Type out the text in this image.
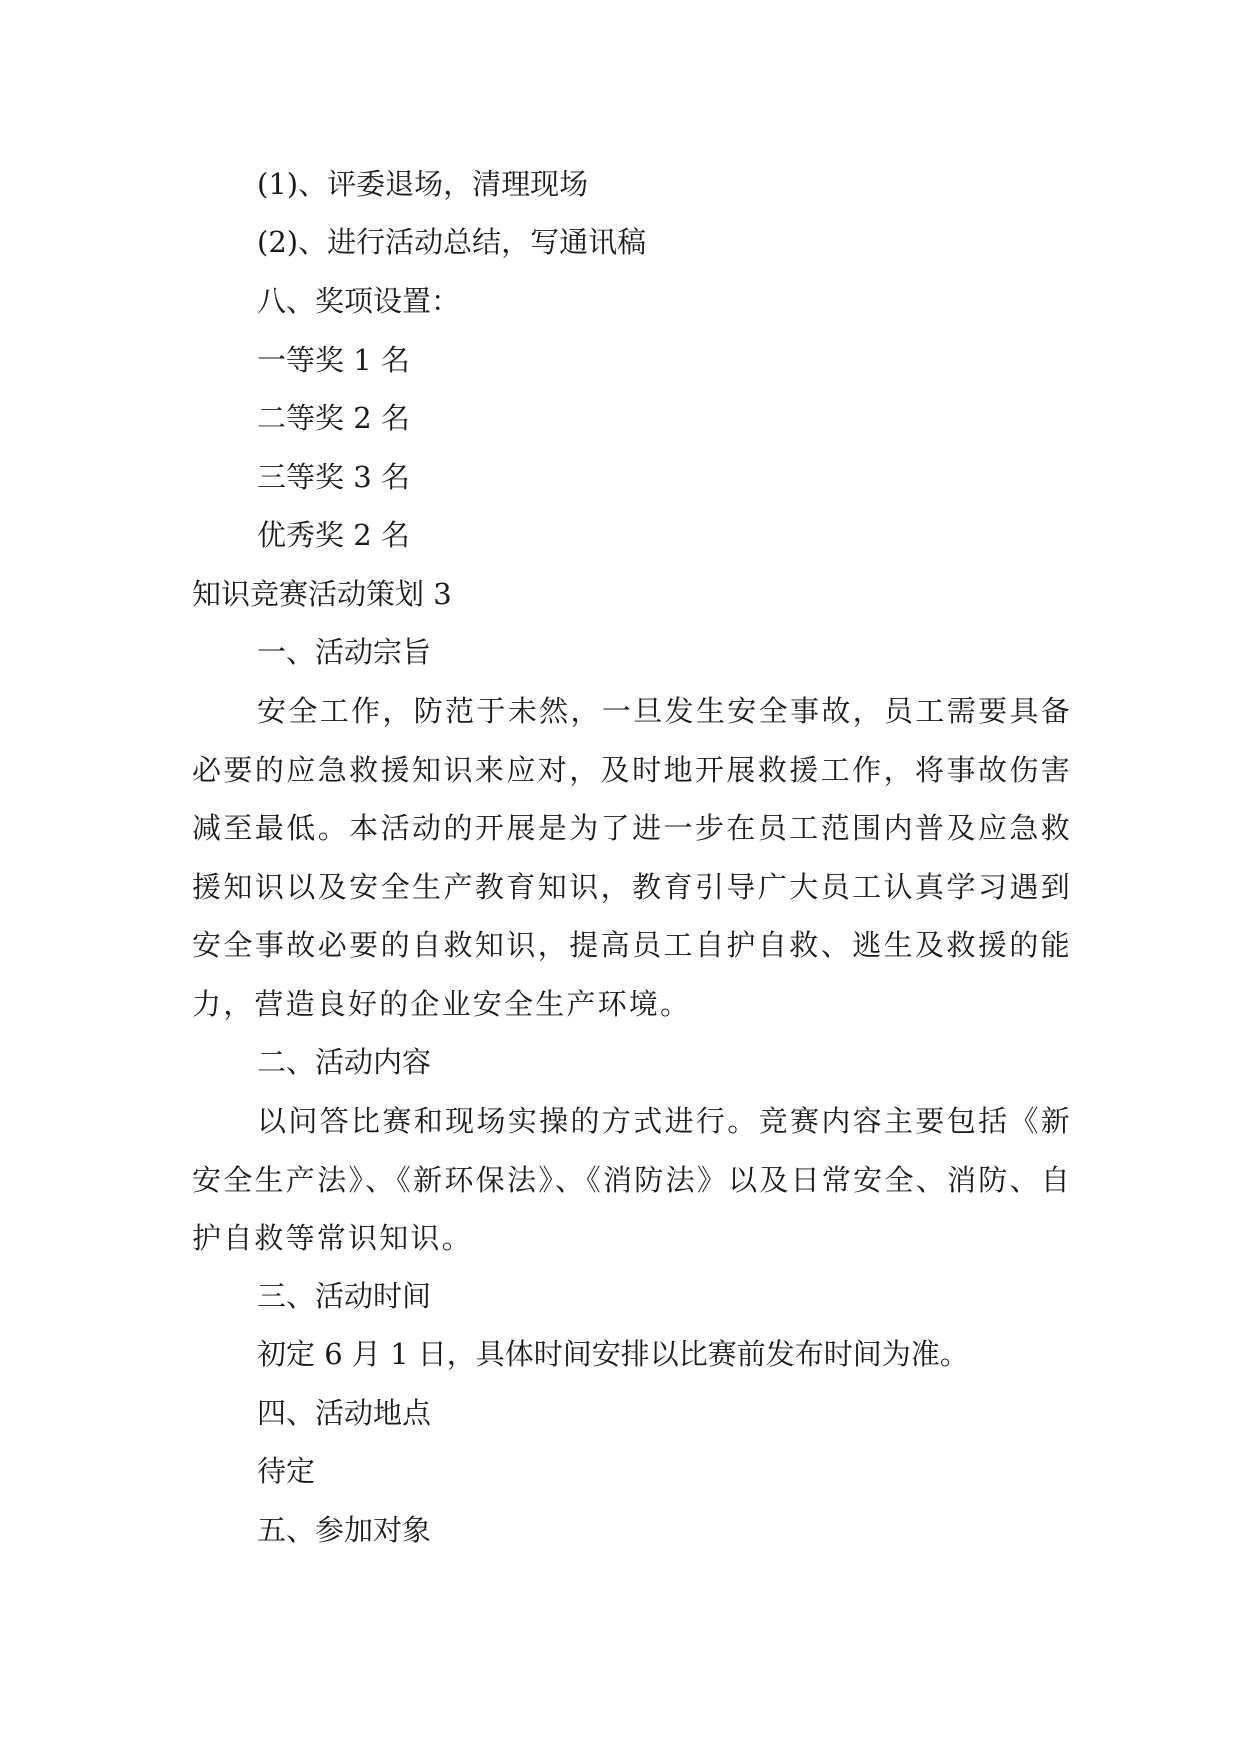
(1)、评委退场，清理现场
(2)、进行活动总结，写通讯稿
八、奖项设置：
一等奖 1 名
二等奖 2 名
三等奖 3 名
优秀奖 2 名
知识竞赛活动策划 3
一、活动宗旨
安全工作，防范于未然，一旦发生安全事故，员工需要具备必要的应急救援知识来应对，及时地开展救援工作，将事故伤害减至最低。本活动的开展是为了进一步在员工范围内普及应急救援知识以及安全生产教育知识，教育引导广大员工认真学习遇到安全事故必要的自救知识，提高员工自护自救、逃生及救援的能力，营造良好的企业安全生产环境。
二、活动内容
以问答比赛和现场实操的方式进行。竞赛内容主要包括《新安全生产法》、《新环保法》、《消防法》以及日常安全、消防、自护自救等常识知识。
三、活动时间
初定 6 月 1 日，具体时间安排以比赛前发布时间为准。
四、活动地点
待定
五、参加对象
